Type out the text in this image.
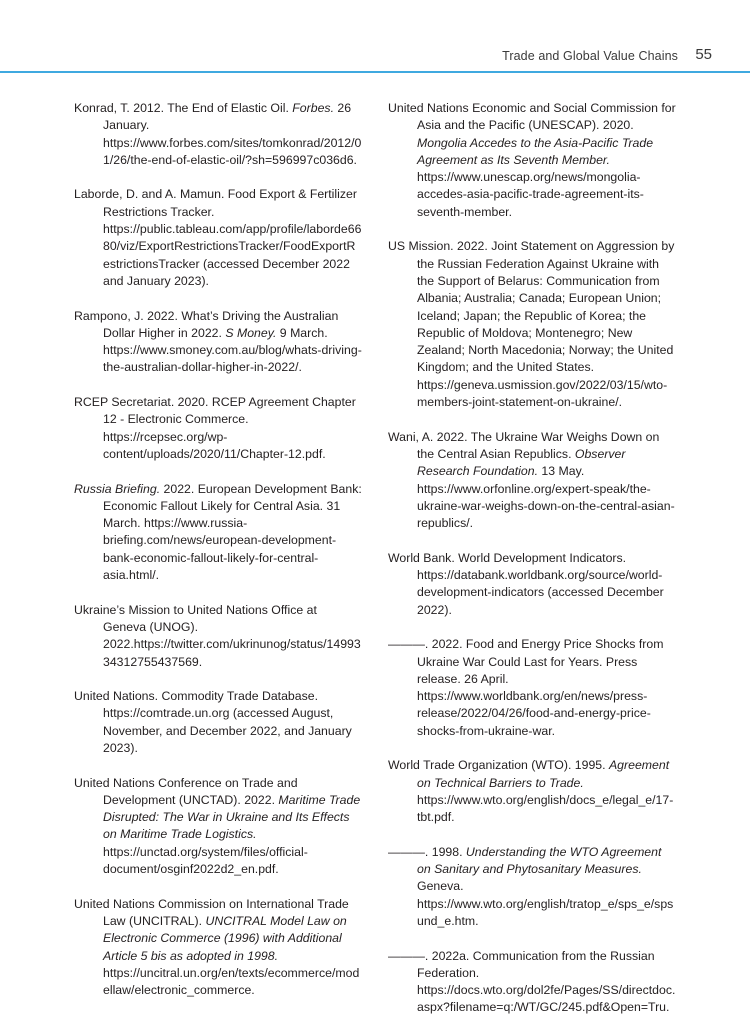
Trade and Global Value Chains 55

Konrad, T. 2012. The End of Elastic Oil. Forbes. 26 January. https://www.forbes.com/sites/tomkonrad/2012/01/26/the-end-of-elastic-oil/?sh=596997c036d6.

Laborde, D. and A. Mamun. Food Export & Fertilizer Restrictions Tracker. https://public.tableau.com/app/profile/laborde6680/viz/ExportRestrictionsTracker/FoodExportRestrictionsTracker (accessed December 2022 and January 2023).

Rampono, J. 2022. What’s Driving the Australian Dollar Higher in 2022. S Money. 9 March. https://www.smoney.com.au/blog/whats-driving-the-australian-dollar-higher-in-2022/.

RCEP Secretariat. 2020. RCEP Agreement Chapter 12 - Electronic Commerce. https://rcepsec.org/wp-content/uploads/2020/11/Chapter-12.pdf.

Russia Briefing. 2022. European Development Bank: Economic Fallout Likely for Central Asia. 31 March. https://www.russia-briefing.com/news/european-development-bank-economic-fallout-likely-for-central-asia.html/.

Ukraine’s Mission to United Nations Office at Geneva (UNOG). 2022.https://twitter.com/ukrinunog/status/1499334312755437569.

United Nations. Commodity Trade Database. https://comtrade.un.org (accessed August, November, and December 2022, and January 2023).

United Nations Conference on Trade and Development (UNCTAD). 2022. Maritime Trade Disrupted: The War in Ukraine and Its Effects on Maritime Trade Logistics. https://unctad.org/system/files/official-document/osginf2022d2_en.pdf.

United Nations Commission on International Trade Law (UNCITRAL). UNCITRAL Model Law on Electronic Commerce (1996) with Additional Article 5 bis as adopted in 1998. https://uncitral.un.org/en/texts/ecommerce/modellaw/electronic_commerce.

United Nations Economic and Social Commission for Asia and the Pacific (UNESCAP). 2020. Mongolia Accedes to the Asia-Pacific Trade Agreement as Its Seventh Member. https://www.unescap.org/news/mongolia-accedes-asia-pacific-trade-agreement-its-seventh-member.

US Mission. 2022. Joint Statement on Aggression by the Russian Federation Against Ukraine with the Support of Belarus: Communication from Albania; Australia; Canada; European Union; Iceland; Japan; the Republic of Korea; the Republic of Moldova; Montenegro; New Zealand; North Macedonia; Norway; the United Kingdom; and the United States. https://geneva.usmission.gov/2022/03/15/wto-members-joint-statement-on-ukraine/.

Wani, A. 2022. The Ukraine War Weighs Down on the Central Asian Republics. Observer Research Foundation. 13 May. https://www.orfonline.org/expert-speak/the-ukraine-war-weighs-down-on-the-central-asian-republics/.

World Bank. World Development Indicators. https://databank.worldbank.org/source/world-development-indicators (accessed December 2022).

———. 2022. Food and Energy Price Shocks from Ukraine War Could Last for Years. Press release. 26 April. https://www.worldbank.org/en/news/press-release/2022/04/26/food-and-energy-price-shocks-from-ukraine-war.

World Trade Organization (WTO). 1995. Agreement on Technical Barriers to Trade. https://www.wto.org/english/docs_e/legal_e/17-tbt.pdf.

———. 1998. Understanding the WTO Agreement on Sanitary and Phytosanitary Measures. Geneva. https://www.wto.org/english/tratop_e/sps_e/spsund_e.htm.

———. 2022a. Communication from the Russian Federation. https://docs.wto.org/dol2fe/Pages/SS/directdoc.aspx?filename=q:/WT/GC/245.pdf&Open=Tru.
